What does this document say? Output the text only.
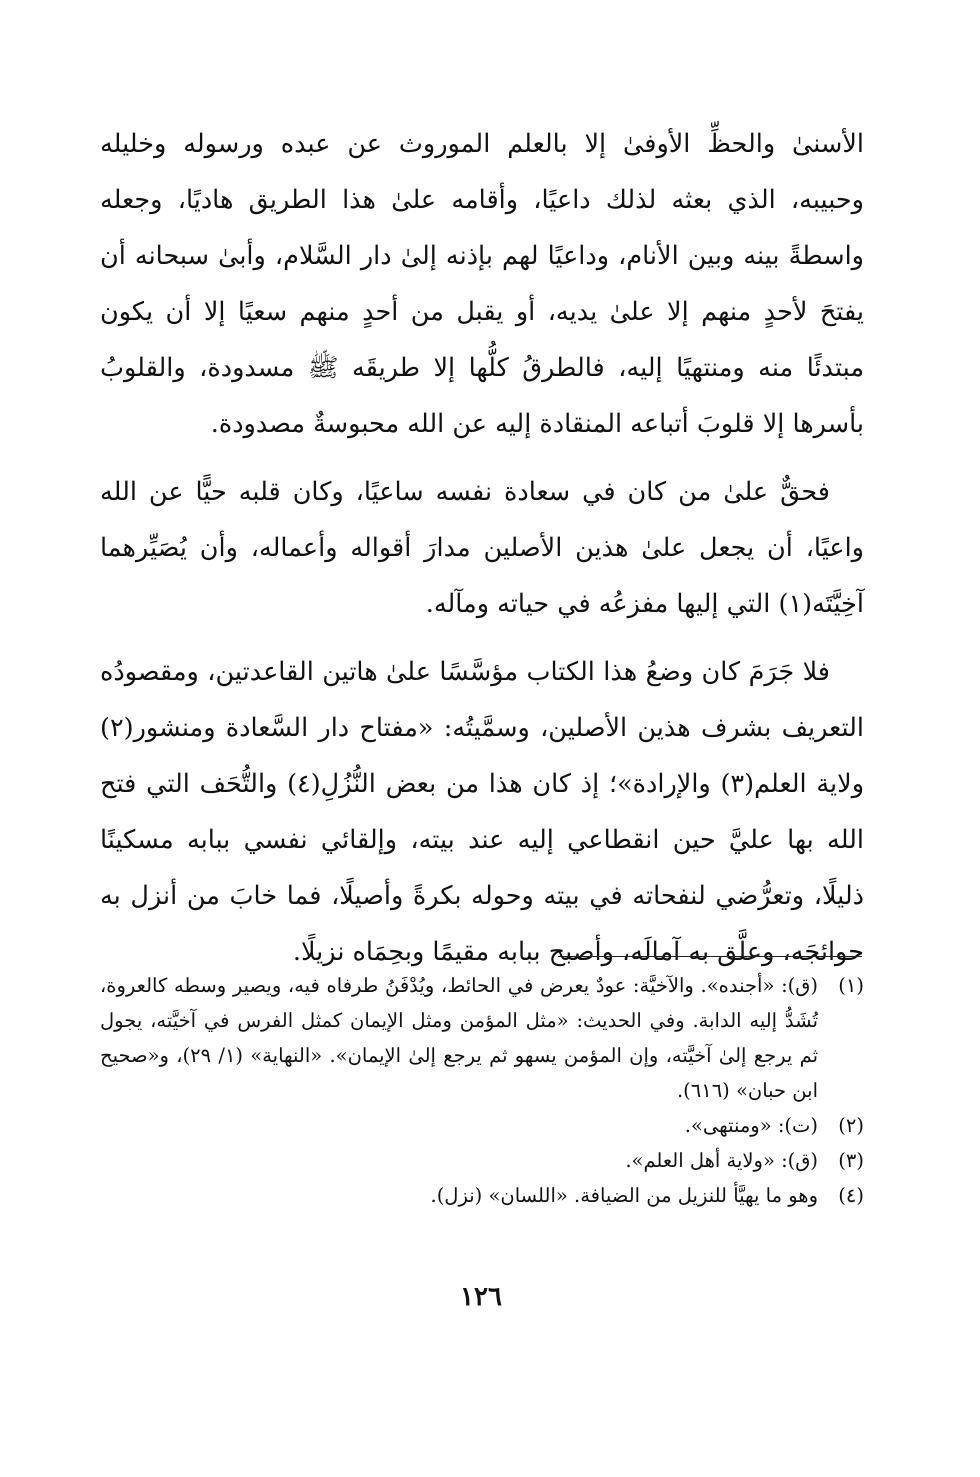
الأسنىٰ والحظِّ الأوفىٰ إلا بالعلم الموروث عن عبده ورسوله وخليله وحبيبه، الذي بعثه لذلك داعيًا، وأقامه علىٰ هذا الطريق هاديًا، وجعله واسطةً بينه وبين الأنام، وداعيًا لهم بإذنه إلىٰ دار السَّلام، وأبىٰ سبحانه أن يفتحَ لأحدٍ منهم إلا علىٰ يديه، أو يقبل من أحدٍ منهم سعيًا إلا أن يكون مبتدئًا منه ومنتهيًا إليه، فالطرقُ كلُّها إلا طريقَه ﷺ مسدودة، والقلوبُ بأسرها إلا قلوبَ أتباعه المنقادة إليه عن الله محبوسةٌ مصدودة.

فحقٌّ علىٰ من كان في سعادة نفسه ساعيًا، وكان قلبه حيًّا عن الله واعيًا، أن يجعل علىٰ هذين الأصلين مدارَ أقواله وأعماله، وأن يُصَيِّرهما آخِيَّتَه(١) التي إليها مفزعُه في حياته ومآله.

فلا جَرَمَ كان وضعُ هذا الكتاب مؤسَّسًا علىٰ هاتين القاعدتين، ومقصودُه التعريف بشرف هذين الأصلين، وسمَّيتُه: «مفتاح دار السَّعادة ومنشور(٢) ولاية العلم(٣) والإرادة»؛ إذ كان هذا من بعض النُّزُلِ(٤) والتُّحَف التي فتح الله بها عليَّ حين انقطاعي إليه عند بيته، وإلقائي نفسي ببابه مسكينًا ذليلًا، وتعرُّضي لنفحاته في بيته وحوله بكرةً وأصيلًا، فما خابَ من أنزل به حوائجَه، وعلَّق به آمالَه، وأصبح ببابه مقيمًا وبحِمَاه نزيلًا.

(١)
(ق): «أجنده». والآخيَّة: عودٌ يعرض في الحائط، ويُدْفَنُ طرفاه فيه، ويصير وسطه كالعروة، تُشَدُّ إليه الدابة. وفي الحديث: «مثل المؤمن ومثل الإيمان كمثل الفرس في آخيَّته، يجول ثم يرجع إلىٰ آخيَّته، وإن المؤمن يسهو ثم يرجع إلىٰ الإيمان». «النهاية» (١/ ٢٩)، و«صحيح ابن حبان» (٦١٦).
(٢)
(ت): «ومنتهى».
(٣)
(ق): «ولاية أهل العلم».
(٤)
وهو ما يهيَّأ للنزيل من الضيافة. «اللسان» (نزل).
١٢٦
